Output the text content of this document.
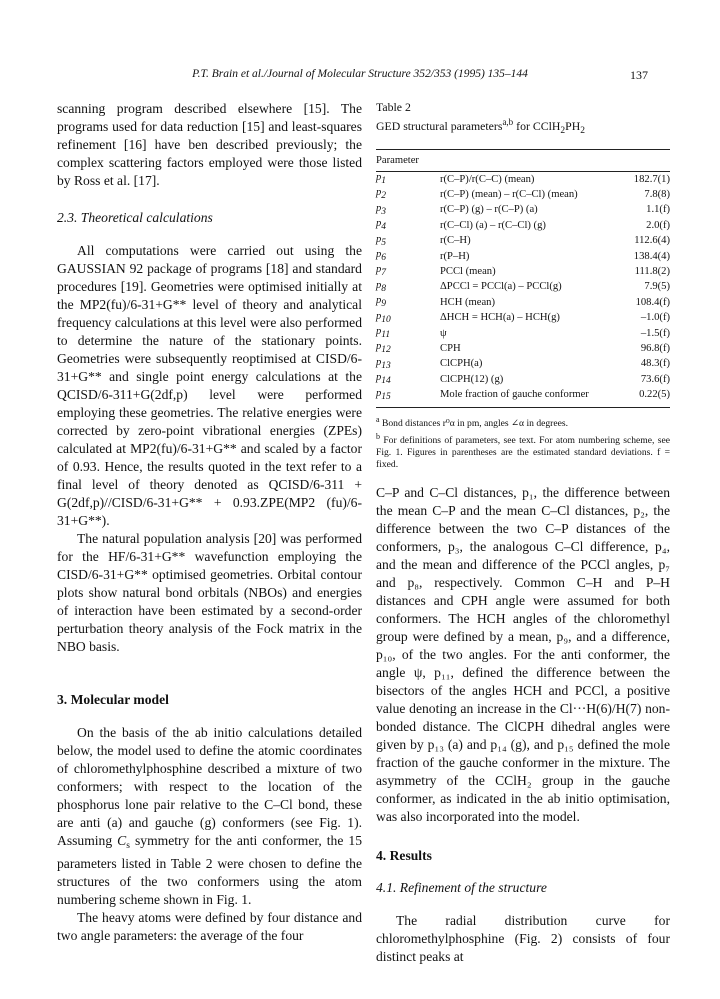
P.T. Brain et al./Journal of Molecular Structure 352/353 (1995) 135–144	137

scanning program described elsewhere [15]. The programs used for data reduction [15] and least-squares refinement [16] have ben described previously; the complex scattering factors employed were those listed by Ross et al. [17].

2.3. Theoretical calculations

All computations were carried out using the GAUSSIAN 92 package of programs [18] and standard procedures [19]. Geometries were optimised initially at the MP2(fu)/6-31+G** level of theory and analytical frequency calculations at this level were also performed to determine the nature of the stationary points. Geometries were subsequently reoptimised at CISD/6-31+G** and single point energy calculations at the QCISD/6-311+G(2df,p) level were performed employing these geometries. The relative energies were corrected by zero-point vibrational energies (ZPEs) calculated at MP2(fu)/6-31+G** and scaled by a factor of 0.93. Hence, the results quoted in the text refer to a final level of theory denoted as QCISD/6-311 + G(2df,p)//CISD/6-31+G** + 0.93.ZPE(MP2 (fu)/6-31+G**).

The natural population analysis [20] was performed for the HF/6-31+G** wavefunction employing the CISD/6-31+G** optimised geometries. Orbital contour plots show natural bond orbitals (NBOs) and energies of interaction have been estimated by a second-order perturbation theory analysis of the Fock matrix in the NBO basis.

3. Molecular model

On the basis of the ab initio calculations detailed below, the model used to define the atomic coordinates of chloromethylphosphine described a mixture of two conformers; with respect to the location of the phosphorus lone pair relative to the C–Cl bond, these are anti (a) and gauche (g) conformers (see Fig. 1). Assuming $C_s$ symmetry for the anti conformer, the 15 parameters listed in Table 2 were chosen to define the structures of the two conformers using the atom numbering scheme shown in Fig. 1.

The heavy atoms were defined by four distance and two angle parameters: the average of the four

Table 2
GED structural parameters$^{a,b}$ for $CClH_2PH_2$
Parameter		
p1	r(C–P)/r(C–C) (mean)	182.7(1)
p2	r(C–P) (mean) – r(C–Cl) (mean)	7.8(8)
p3	r(C–P) (g) – r(C–P) (a)	1.1(f)
p4	r(C–Cl) (a) – r(C–Cl) (g)	2.0(f)
p5	r(C–H)	112.6(4)
p6	r(P–H)	138.4(4)
p7	PCCl (mean)	111.8(2)
p8	ΔPCCl = PCCl(a) – PCCl(g)	7.9(5)
p9	HCH (mean)	108.4(f)
p10	ΔHCH = HCH(a) – HCH(g)	–1.0(f)
p11	ψ	–1.5(f)
p12	CPH	96.8(f)
p13	ClCPH(a)	48.3(f)
p14	ClCPH(12) (g)	73.6(f)
p15	Mole fraction of gauche conformer	0.22(5)
$^a$ Bond distances r⁰α in pm, angles ∠α in degrees.
$^b$ For definitions of parameters, see text. For atom numbering scheme, see Fig. 1. Figures in parentheses are the estimated standard deviations. f = fixed.

C–P and C–Cl distances, p₁, the difference between the mean C–P and the mean C–Cl distances, p₂, the difference between the two C–P distances of the conformers, p₃, the analogous C–Cl difference, p₄, and the mean and difference of the PCCl angles, p₇ and p₈, respectively. Common C–H and P–H distances and CPH angle were assumed for both conformers. The HCH angles of the chloromethyl group were defined by a mean, p₉, and a difference, p₁₀, of the two angles. For the anti conformer, the angle ψ, p₁₁, defined the difference between the bisectors of the angles HCH and PCCl, a positive value denoting an increase in the Cl···H(6)/H(7) non-bonded distance. The ClCPH dihedral angles were given by p₁₃ (a) and p₁₄ (g), and p₁₅ defined the mole fraction of the gauche conformer in the mixture. The asymmetry of the CClH₂ group in the gauche conformer, as indicated in the ab initio optimisation, was also incorporated into the model.

4. Results
4.1. Refinement of the structure

The radial distribution curve for chloromethylphosphine (Fig. 2) consists of four distinct peaks at
